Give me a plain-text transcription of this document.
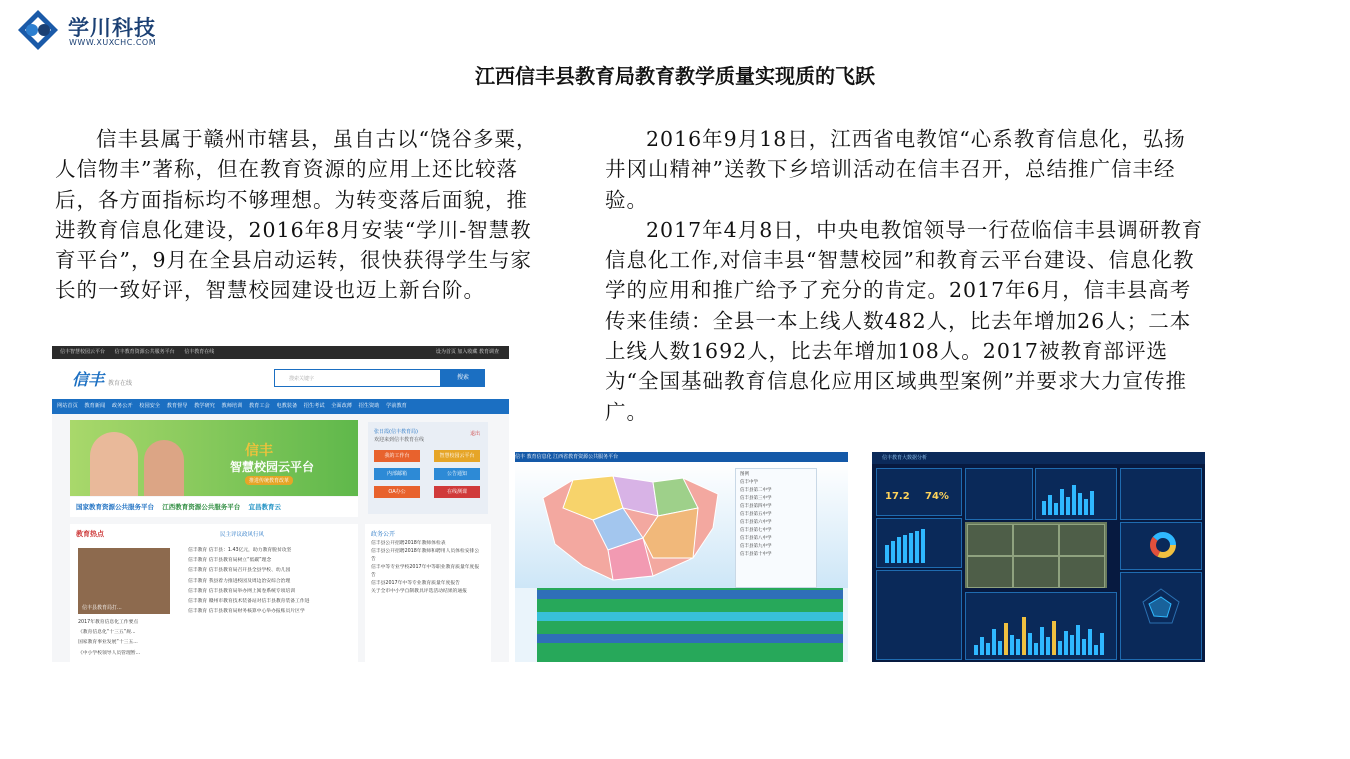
学川科技
WWW.XUXCHC.COM
江西信丰县教育局教育教学质量实现质的飞跃

信丰县属于赣州市辖县，虽自古以“饶谷多粟，人信物丰”著称，但在教育资源的应用上还比较落后，各方面指标均不够理想。为转变落后面貌，推进教育信息化建设，2016年8月安装“学川-智慧教育平台”，9月在全县启动运转，很快获得学生与家长的一致好评，智慧校园建设也迈上新台阶。

2016年9月18日，江西省电教馆“心系教育信息化，弘扬井冈山精神”送教下乡培训活动在信丰召开，总结推广信丰经验。

2017年4月8日，中央电教馆领导一行莅临信丰县调研教育信息化工作,对信丰县“智慧校园”和教育云平台建设、信息化教学的应用和推广给予了充分的肯定。2017年6月，信丰县高考传来佳绩：全县一本上线人数482人，比去年增加26人；二本上线人数1692人，比去年增加108人。2017被教育部评选为“全国基础教育信息化应用区域典型案例”并要求大力宣传推广。

信丰智慧校园云平台 信丰教育资源公共服务平台 信丰教育在线	设为首页 加入收藏 教育调查
信丰 教育在线
搜索关键字	搜索
网站首页 教育新闻 政务公开 校园安全 教育督导 教学研究 教师培训 教育工会 电教装备 招生考试 全面改薄 招生资助 学前教育
信丰
智慧校园云平台
推进传统教育改革
国家教育资源公共服务平台 江西教育资源公共服务平台 宜昌教育云
张日霞(信丰教育局)
欢迎来到信丰教育在线
退出
我的工作台	智慧校园云平台
内部邮箱	公告通知
OA办公	在线测课
教育热点	民主评议政风行风
信丰县教育局打...
信丰教育 信丰县：1.43亿元，助力教育脱贫攻坚
信丰教育 信丰县教育局树立“低碳”理念
信丰教育 信丰县教育局召开县全县学校、幼儿园
信丰教育 我县着力推进校园及周边治安综合治理
信丰教育 信丰县教育局举办网上阅卷系统专项培训
信丰教育 赣州市教育技术装备站对信丰县教育装备工作进
信丰教育 信丰县教育局财务核算中心举办报账员片区学
2017年教育信息化工作要点
《教育信息化“十三五”规...
国家教育事业发展“十三五...
《中小学校领导人员管理暂...
政务公开
信丰县公开招聘2018年教师体检表
信丰县公开招聘2018年教师和聘用人员体检安排公告
信丰中等专业学校2017年中等职业教育质量年度报告
信丰县2017年中等专业教育质量年度报告
关于全市中小学自制教具评选活动结果的通报
信丰 教育信息化 江西省教育资源公共服务平台
图例
信丰中学
信丰县第二中学
信丰县第三中学
信丰县第四中学
信丰县第五中学
信丰县第六中学
信丰县第七中学
信丰县第八中学
信丰县第九中学
信丰县第十中学
信丰教育大数据分析
17.2 74%
